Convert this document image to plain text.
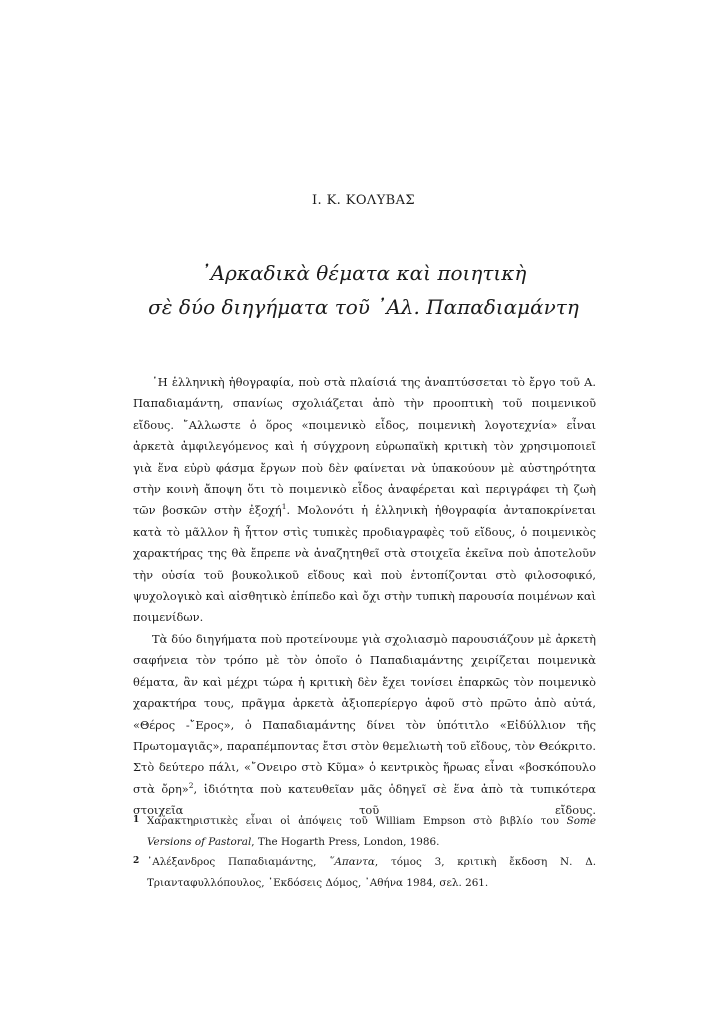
Ι. Κ. ΚΟΛΥΒΑΣ
᾿Αρκαδικὰ θέματα καὶ ποιητικὴ
σὲ δύο διηγήματα τοῦ ᾿Αλ. Παπαδιαμάντη

῾Η ἑλληνικὴ ἠθογραφία, ποὺ στὰ πλαίσιά της ἀναπτύσσεται τὸ ἔργο τοῦ Α. Παπαδιαμάντη, σπανίως σχολιάζεται ἀπὸ τὴν προοπτικὴ τοῦ ποιμενικοῦ εἴδους. ῎Αλλωστε ὁ ὅρος «ποιμενικὸ εἶδος, ποιμενικὴ λογοτεχνία» εἶναι ἀρκετὰ ἀμφιλεγόμενος καὶ ἡ σύγχρονη εὐρωπαϊκὴ κριτικὴ τὸν χρησιμοποιεῖ γιὰ ἕνα εὐρὺ φάσμα ἔργων ποὺ δὲν φαίνεται νὰ ὑπακούουν μὲ αὐστηρότητα στὴν κοινὴ ἄποψη ὅτι τὸ ποιμενικὸ εἶδος ἀναφέρεται καὶ περιγράφει τὴ ζωὴ τῶν βοσκῶν στὴν ἐξοχή$^1$. Μολονότι ἡ ἑλληνικὴ ἠθογραφία ἀνταποκρίνεται κατὰ τὸ μᾶλλον ἢ ἧττον στὶς τυπικὲς προδιαγραφὲς τοῦ εἴδους, ὁ ποιμενικὸς χαρακτήρας της θὰ ἔπρεπε νὰ ἀναζητηθεῖ στὰ στοιχεῖα ἐκεῖνα ποὺ ἀποτελοῦν τὴν οὐσία τοῦ βουκολικοῦ εἴδους καὶ ποὺ ἐντοπίζονται στὸ φιλοσοφικό, ψυχολογικὸ καὶ αἰσθητικὸ ἐπίπεδο καὶ ὄχι στὴν τυπικὴ παρουσία ποιμένων καὶ ποιμενίδων.

Τὰ δύο διηγήματα ποὺ προτείνουμε γιὰ σχολιασμὸ παρουσιάζουν μὲ ἀρκετὴ σαφήνεια τὸν τρόπο μὲ τὸν ὁποῖο ὁ Παπαδιαμάντης χειρίζεται ποιμενικὰ θέματα, ἂν καὶ μέχρι τώρα ἡ κριτικὴ δὲν ἔχει τονίσει ἐπαρκῶς τὸν ποιμενικὸ χαρακτήρα τους, πρᾶγμα ἀρκετὰ ἀξιοπερίεργο ἀφοῦ στὸ πρῶτο ἀπὸ αὐτά, «Θέρος -῎Ερος», ὁ Παπαδιαμάντης δίνει τὸν ὑπότιτλο «Εἰδύλλιον τῆς Πρωτομαγιᾶς», παραπέμποντας ἔτσι στὸν θεμελιωτὴ τοῦ εἴδους, τὸν Θεόκριτο. Στὸ δεύτερο πάλι, «῎Ονειρο στὸ Κῦμα» ὁ κεντρικὸς ἥρωας εἶναι «βοσκόπουλο στὰ ὄρη»$^2$, ἰδιότητα ποὺ κατευθεῖαν μᾶς ὁδηγεῖ σὲ ἕνα ἀπὸ τὰ τυπικότερα στοιχεῖα τοῦ εἴδους.

1 Χαρακτηριστικὲς εἶναι οἱ ἀπόψεις τοῦ William Empson στὸ βιβλίο του Some Versions of Pastoral, The Hogarth Press, London, 1986.

2 ᾿Αλέξανδρος Παπαδιαμάντης, ῞Απαντα, τόμος 3, κριτικὴ ἔκδοση Ν. Δ. Τριανταφυλλόπουλος, ᾿Εκδόσεις Δόμος, ᾿Αθήνα 1984, σελ. 261.
